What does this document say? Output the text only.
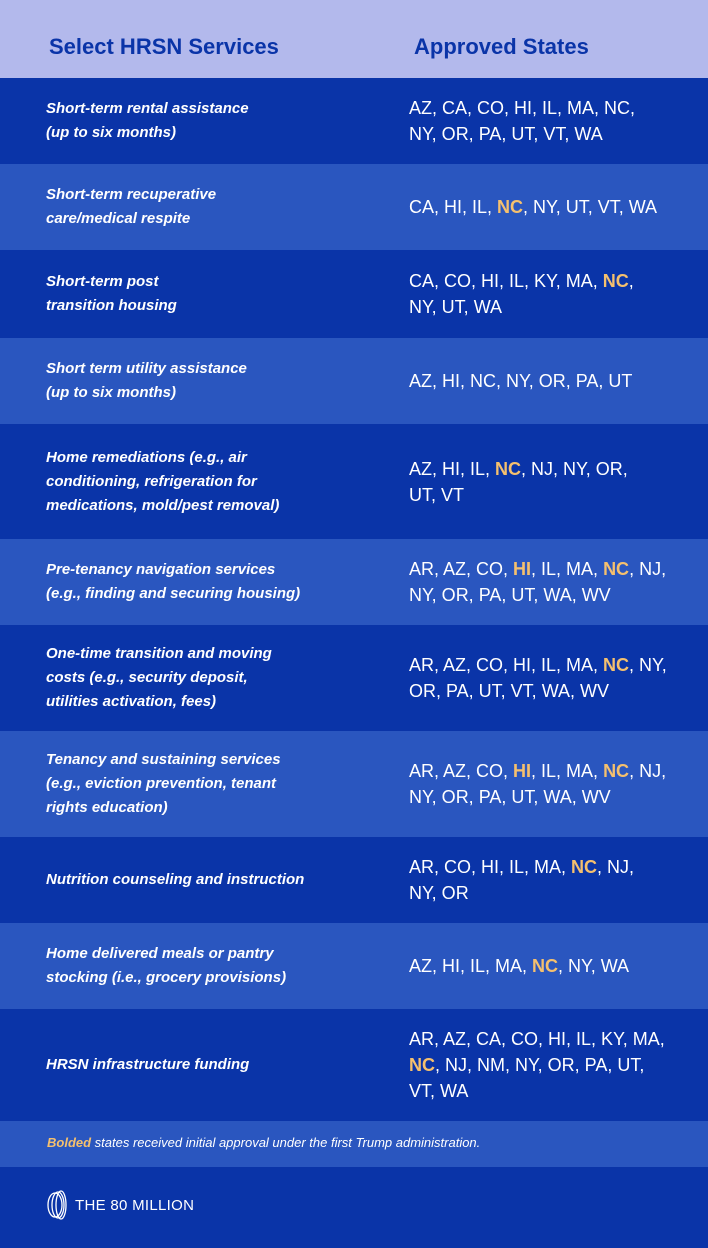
Select HRSN Services	Approved States
Short-term rental assistance
(up to six months)
AZ, CA, CO, HI, IL, MA, NC,
NY, OR, PA, UT, VT, WA
Short-term recuperative
care/medical respite
CA, HI, IL, NC, NY, UT, VT, WA
Short-term post
transition housing
CA, CO, HI, IL, KY, MA, NC,
NY, UT, WA
Short term utility assistance
(up to six months)
AZ, HI, NC, NY, OR, PA, UT
Home remediations (e.g., air
conditioning, refrigeration for
medications, mold/pest removal)
AZ, HI, IL, NC, NJ, NY, OR,
UT, VT
Pre-tenancy navigation services
(e.g., finding and securing housing)
AR, AZ, CO, HI, IL, MA, NC, NJ,
NY, OR, PA, UT, WA, WV
One-time transition and moving
costs (e.g., security deposit,
utilities activation, fees)
AR, AZ, CO, HI, IL, MA, NC, NY,
OR, PA, UT, VT, WA, WV
Tenancy and sustaining services
(e.g., eviction prevention, tenant
rights education)
AR, AZ, CO, HI, IL, MA, NC, NJ,
NY, OR, PA, UT, WA, WV
Nutrition counseling and instruction
AR, CO, HI, IL, MA, NC, NJ,
NY, OR
Home delivered meals or pantry
stocking (i.e., grocery provisions)
AZ, HI, IL, MA, NC, NY, WA
HRSN infrastructure funding
AR, AZ, CA, CO, HI, IL, KY, MA,
NC, NJ, NM, NY, OR, PA, UT,
VT, WA
Bolded states received initial approval under the first Trump administration.
THE 80 MILLION
